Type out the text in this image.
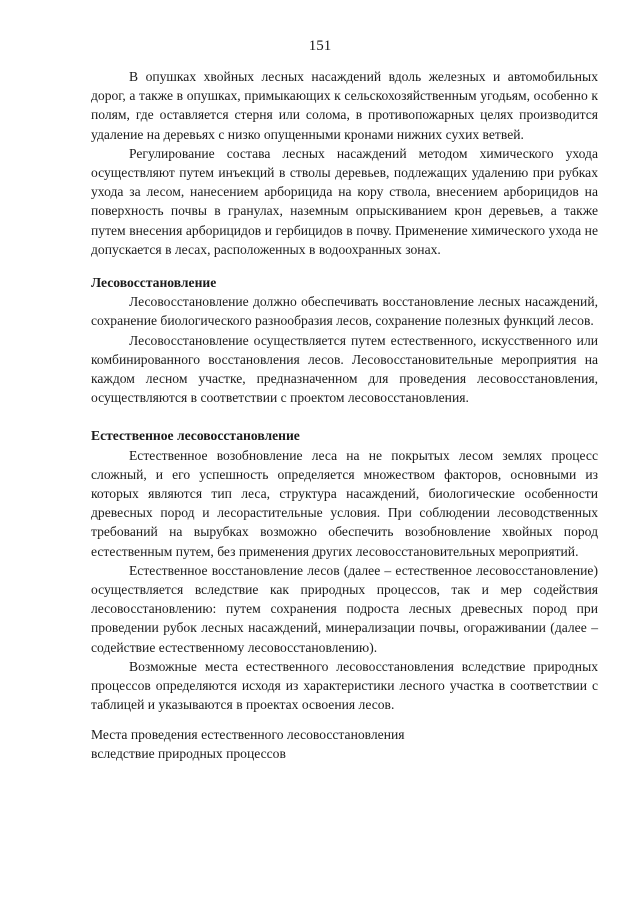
151

В опушках хвойных лесных насаждений вдоль железных и автомобильных дорог, а также в опушках, примыкающих к сельскохозяйственным угодьям, особенно к полям, где оставляется стерня или солома, в противопожарных целях производится удаление на деревьях с низко опущенными кронами нижних сухих ветвей.

Регулирование состава лесных насаждений методом химического ухода осуществляют путем инъекций в стволы деревьев, подлежащих удалению при рубках ухода за лесом, нанесением арборицида на кору ствола, внесением арборицидов на поверхность почвы в гранулах, наземным опрыскиванием крон деревьев, а также путем внесения арборицидов и гербицидов в почву. Применение химического ухода не допускается в лесах, расположенных в водоохранных зонах.

Лесовосстановление

Лесовосстановление должно обеспечивать восстановление лесных насаждений, сохранение биологического разнообразия лесов, сохранение полезных функций лесов.

Лесовосстановление осуществляется путем естественного, искусственного или комбинированного восстановления лесов. Лесовосстановительные мероприятия на каждом лесном участке, предназначенном для проведения лесовосстановления, осуществляются в соответствии с проектом лесовосстановления.

Естественное лесовосстановление

Естественное возобновление леса на не покрытых лесом землях процесс сложный, и его успешность определяется множеством факторов, основными из которых являются тип леса, структура насаждений, биологические особенности древесных пород и лесорастительные условия. При соблюдении лесоводственных требований на вырубках возможно обеспечить возобновление хвойных пород естественным путем, без применения других лесовосстановительных мероприятий.

Естественное восстановление лесов (далее – естественное лесовосстановление) осуществляется вследствие как природных процессов, так и мер содействия лесовосстановлению: путем сохранения подроста лесных древесных пород при проведении рубок лесных насаждений, минерализации почвы, огораживании (далее – содействие естественному лесовосстановлению).

Возможные места естественного лесовосстановления вследствие природных процессов определяются исходя из характеристики лесного участка в соответствии с таблицей и указываются в проектах освоения лесов.

Места проведения естественного лесовосстановления

вследствие природных процессов
